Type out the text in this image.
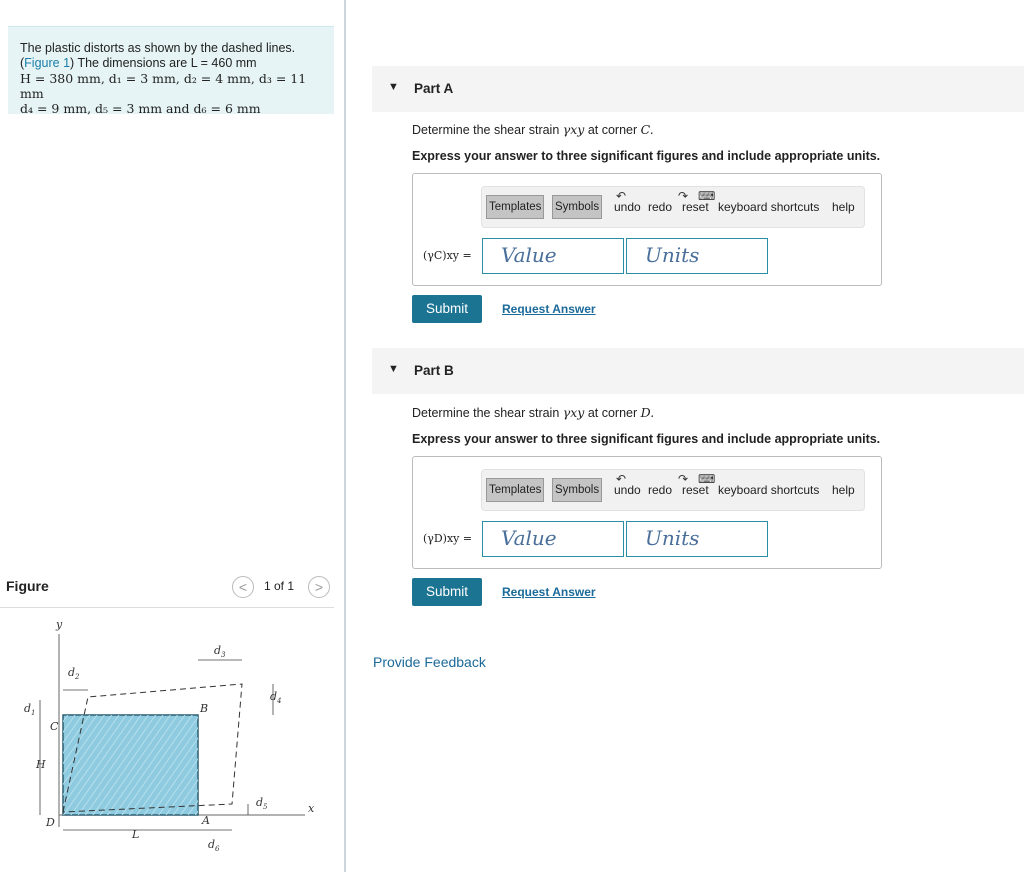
The plastic distorts as shown by the dashed lines.
(Figure 1) The dimensions are L = 460 mm
H = 380 mm, d₁ = 3 mm, d₂ = 4 mm, d₃ = 11 mm
d₄ = 9 mm, d₅ = 3 mm and d₆ = 6 mm
Figure	<	1 of 1	>
y
x
B
C
D	A
H
L
$d_1$
$d_2$
$d_3$
$d_4$
$d_5$
$d_6$
▼ Part A
Determine the shear strain γxy at corner C.
Express your answer to three significant figures and include appropriate units.
Templates Symbols
↶
undo
↷
redo
⌨
reset keyboard shortcuts help
(γC)xy =	Value	Units
Submit	Request Answer
▼ Part B
Determine the shear strain γxy at corner D.
Express your answer to three significant figures and include appropriate units.
Templates Symbols
↶
undo
↷
redo
⌨
reset keyboard shortcuts help
(γD)xy =	Value	Units
Submit	Request Answer
Provide Feedback
